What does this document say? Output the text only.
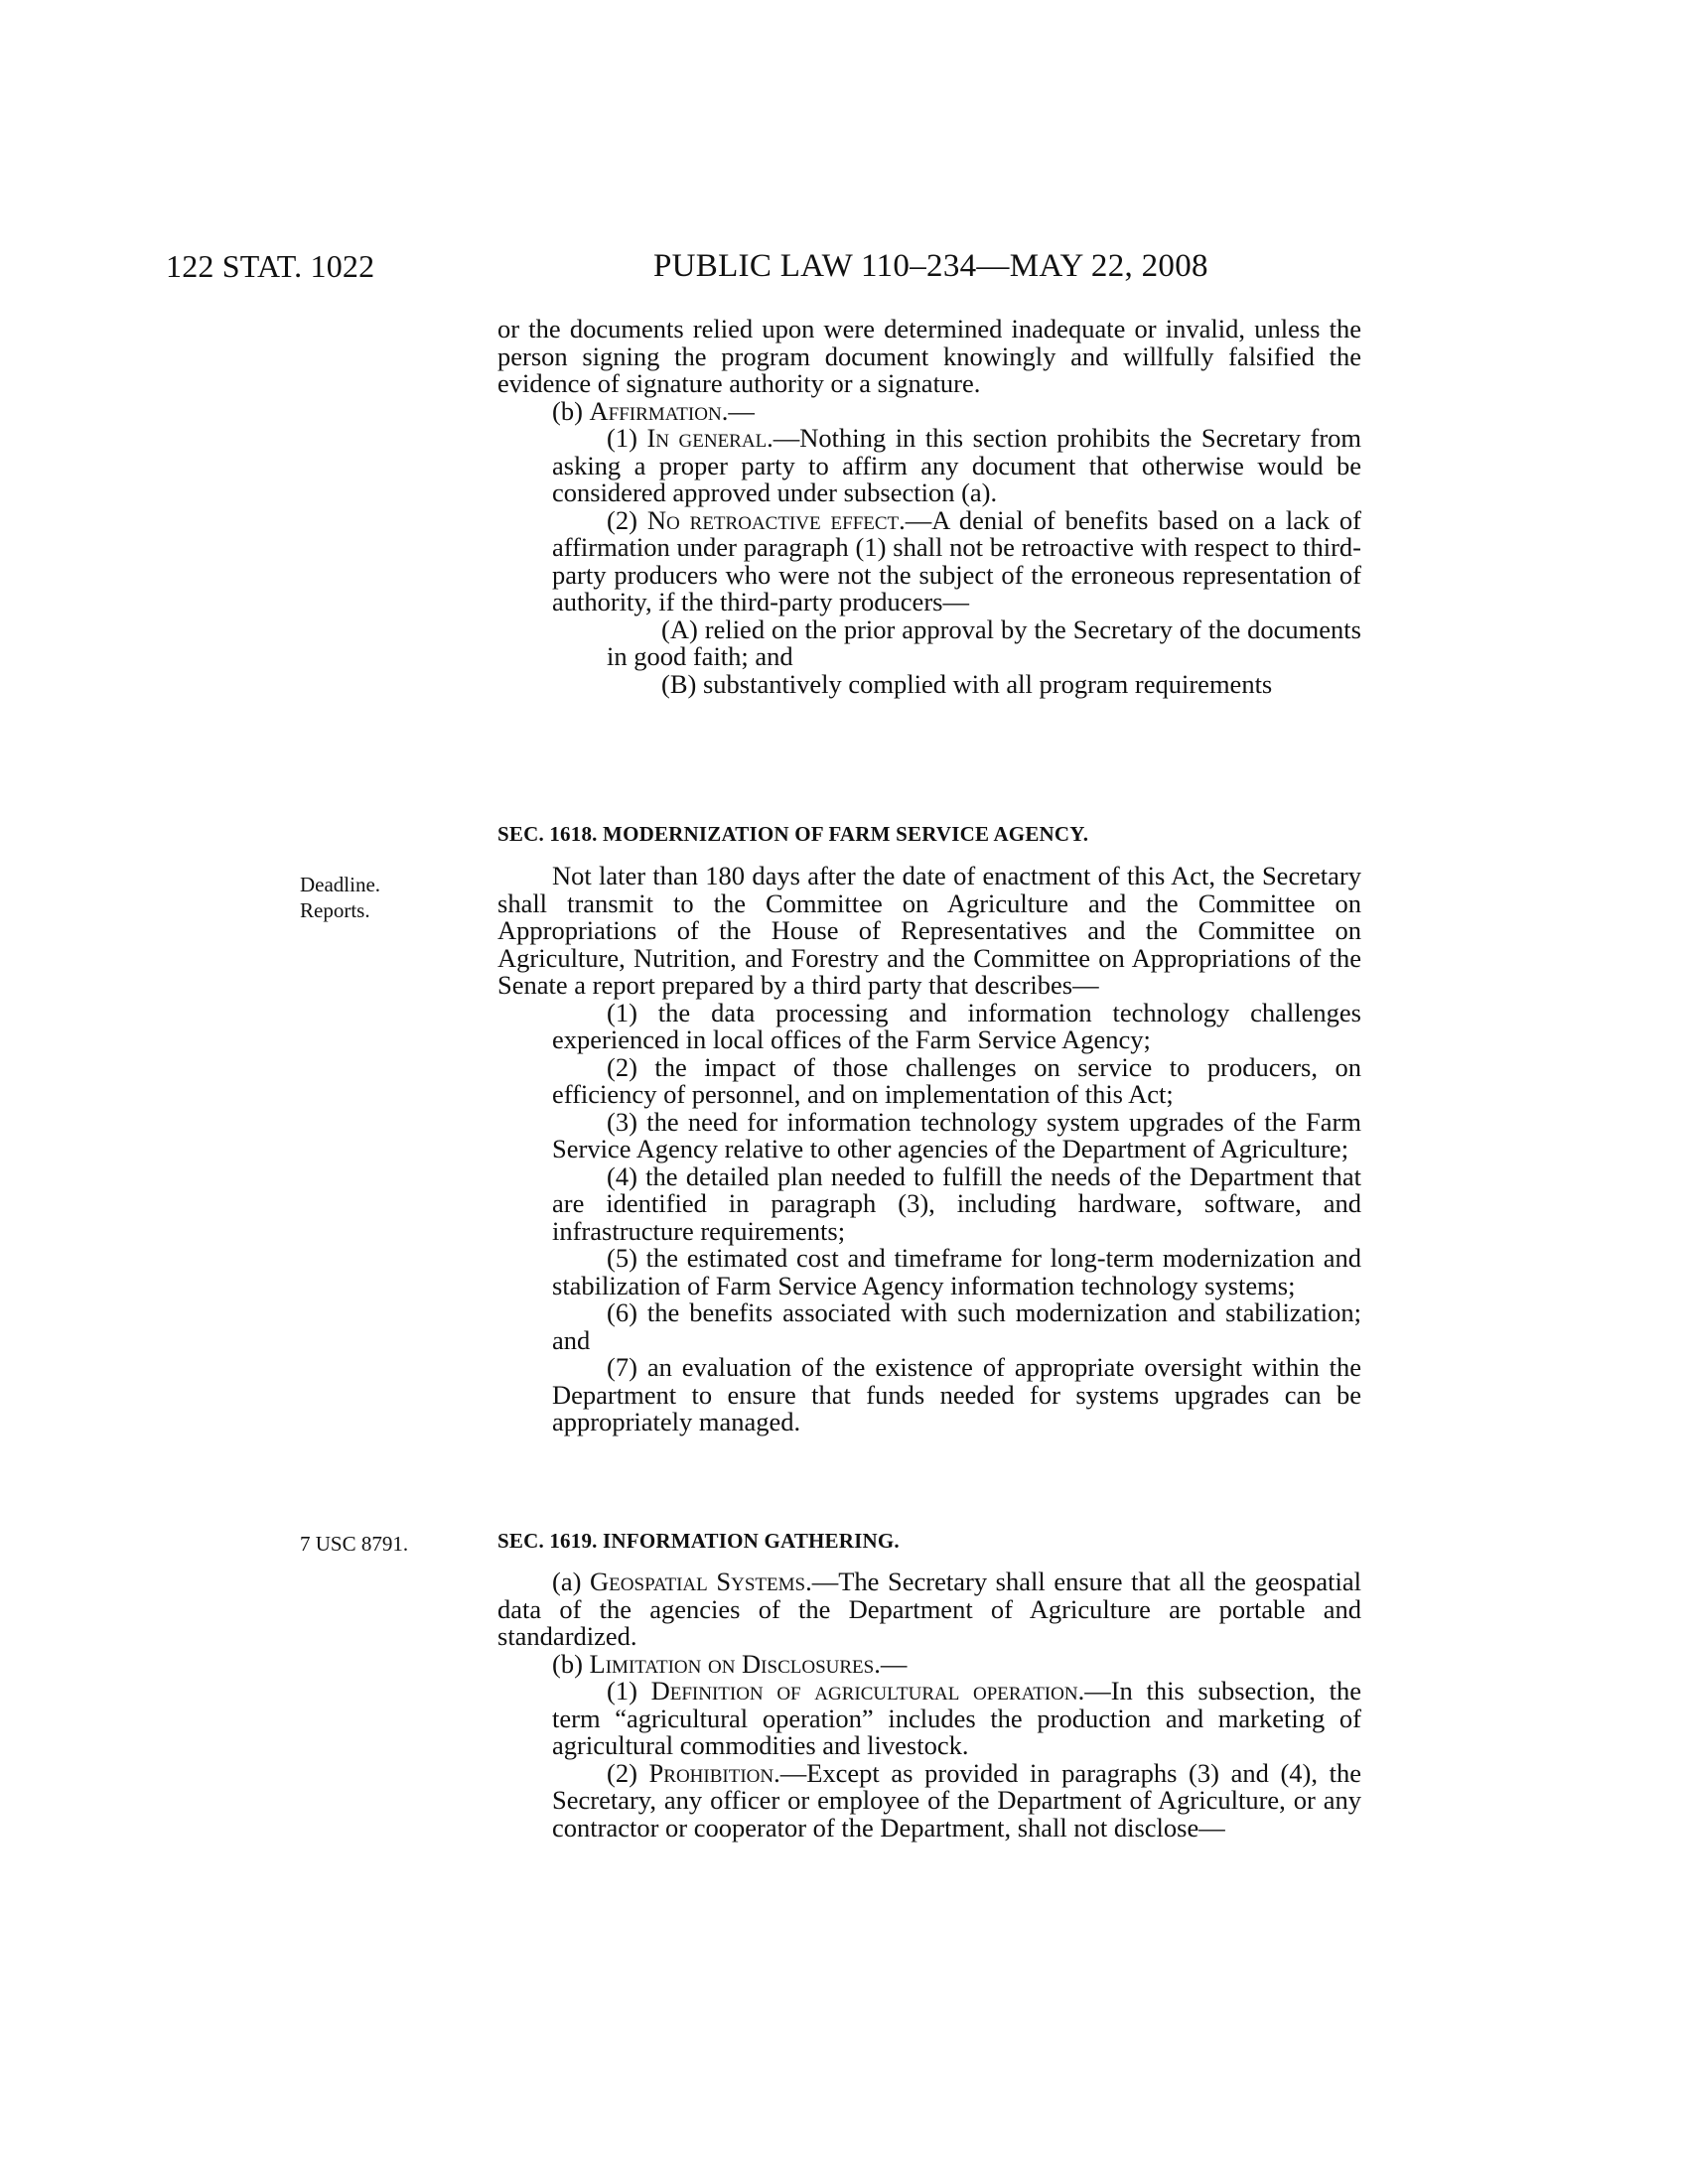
122 STAT. 1022	PUBLIC LAW 110–234—MAY 22, 2008

or the documents relied upon were determined inadequate or invalid, unless the person signing the program document knowingly and willfully falsified the evidence of signature authority or a signature.

(b) Affirmation.—

(1) In general.—Nothing in this section prohibits the Secretary from asking a proper party to affirm any document that otherwise would be considered approved under subsection (a).

(2) No retroactive effect.—A denial of benefits based on a lack of affirmation under paragraph (1) shall not be retroactive with respect to third-party producers who were not the subject of the erroneous representation of authority, if the third-party producers—

(A) relied on the prior approval by the Secretary of the documents in good faith; and

(B) substantively complied with all program requirements

SEC. 1618. MODERNIZATION OF FARM SERVICE AGENCY.
Deadline.
Reports.

Not later than 180 days after the date of enactment of this Act, the Secretary shall transmit to the Committee on Agriculture and the Committee on Appropriations of the House of Representatives and the Committee on Agriculture, Nutrition, and Forestry and the Committee on Appropriations of the Senate a report prepared by a third party that describes—

(1) the data processing and information technology challenges experienced in local offices of the Farm Service Agency;

(2) the impact of those challenges on service to producers, on efficiency of personnel, and on implementation of this Act;

(3) the need for information technology system upgrades of the Farm Service Agency relative to other agencies of the Department of Agriculture;

(4) the detailed plan needed to fulfill the needs of the Department that are identified in paragraph (3), including hardware, software, and infrastructure requirements;

(5) the estimated cost and timeframe for long-term modernization and stabilization of Farm Service Agency information technology systems;

(6) the benefits associated with such modernization and stabilization; and

(7) an evaluation of the existence of appropriate oversight within the Department to ensure that funds needed for systems upgrades can be appropriately managed.

7 USC 8791.	SEC. 1619. INFORMATION GATHERING.

(a) Geospatial Systems.—The Secretary shall ensure that all the geospatial data of the agencies of the Department of Agriculture are portable and standardized.

(b) Limitation on Disclosures.—

(1) Definition of agricultural operation.—In this subsection, the term “agricultural operation” includes the production and marketing of agricultural commodities and livestock.

(2) Prohibition.—Except as provided in paragraphs (3) and (4), the Secretary, any officer or employee of the Department of Agriculture, or any contractor or cooperator of the Department, shall not disclose—
